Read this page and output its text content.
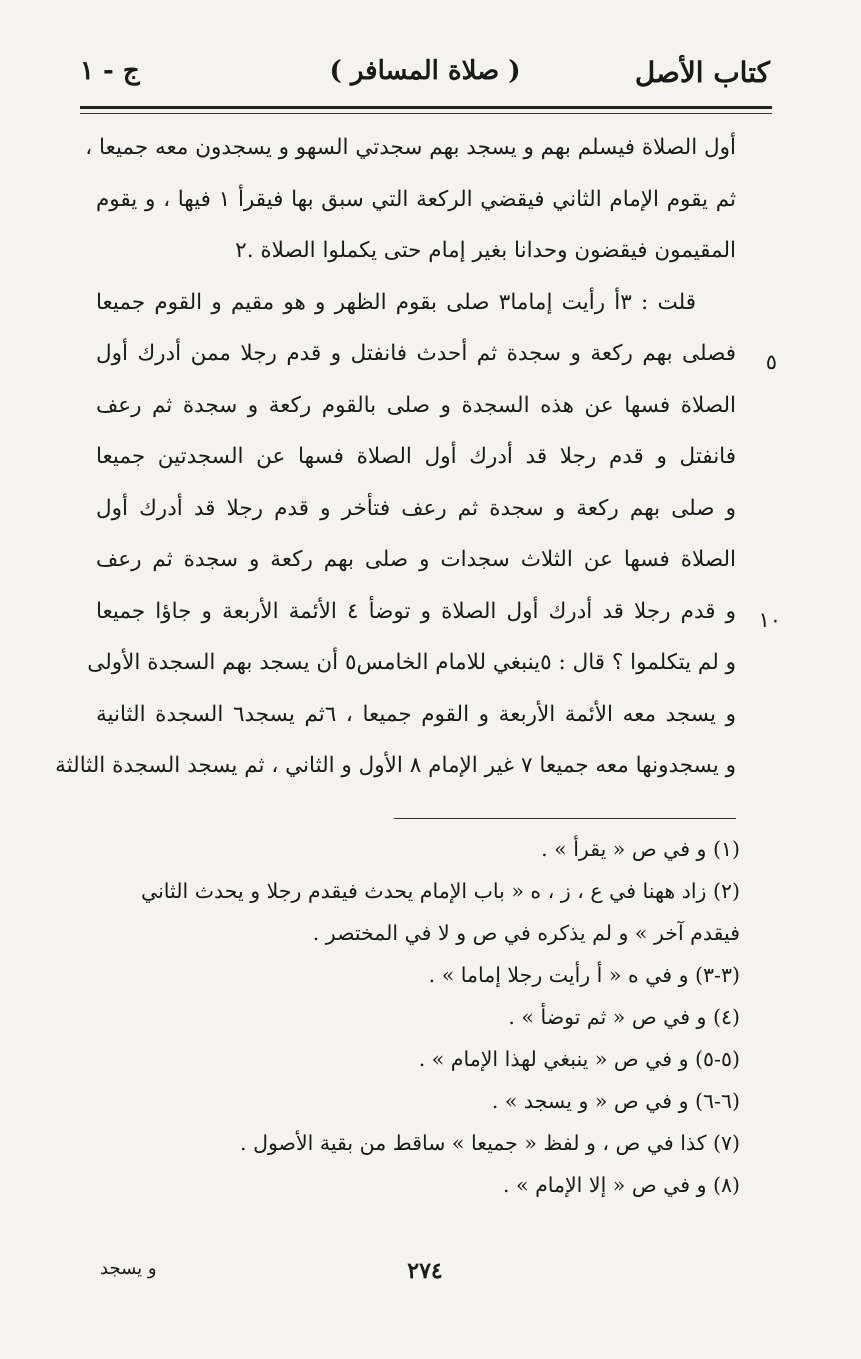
كتاب الأصل
( صلاة المسافر )
ج - ١
أول الصلاة فيسلم بهم و يسجد بهم سجدتي السهو و يسجدون معه جميعا ،
ثم يقوم الإمام الثاني فيقضي الركعة التي سبق بها فيقرأ ١ فيها ، و يقوم
المقيمون فيقضون وحدانا بغير إمام حتى يكملوا الصلاة .٢
قلت : ٣أ رأيت إماما٣ صلى بقوم الظهر و هو مقيم و القوم جميعا
فصلى بهم ركعة و سجدة ثم أحدث فانفتل و قدم رجلا ممن أدرك أول
الصلاة فسها عن هذه السجدة و صلى بالقوم ركعة و سجدة ثم رعف
فانفتل و قدم رجلا قد أدرك أول الصلاة فسها عن السجدتين جميعا
و صلى بهم ركعة و سجدة ثم رعف فتأخر و قدم رجلا قد أدرك أول
الصلاة فسها عن الثلاث سجدات و صلى بهم ركعة و سجدة ثم رعف
و قدم رجلا قد أدرك أول الصلاة و توضأ ٤ الأئمة الأربعة و جاؤا جميعا
و لم يتكلموا ؟ قال : ٥ينبغي للامام الخامس٥ أن يسجد بهم السجدة الأولى
و يسجد معه الأئمة الأربعة و القوم جميعا ، ٦ثم يسجد٦ السجدة الثانية
و يسجدونها معه جميعا ٧ غير الإمام ٨ الأول و الثاني ، ثم يسجد السجدة الثالثة
٥
١٠
(١) و في ص « يقرأ » .
(٢) زاد ههنا في ع ، ز ، ه « باب الإمام يحدث فيقدم رجلا و يحدث الثاني
فيقدم آخر » و لم يذكره في ص و لا في المختصر .
(٣-٣) و في ه « أ رأيت رجلا إماما » .
(٤) و في ص « ثم توضأ » .
(٥-٥) و في ص « ينبغي لهذا الإمام » .
(٦-٦) و في ص « و يسجد » .
(٧) كذا في ص ، و لفظ « جميعا » ساقط من بقية الأصول .
(٨) و في ص « إلا الإمام » .
٢٧٤
و يسجد
